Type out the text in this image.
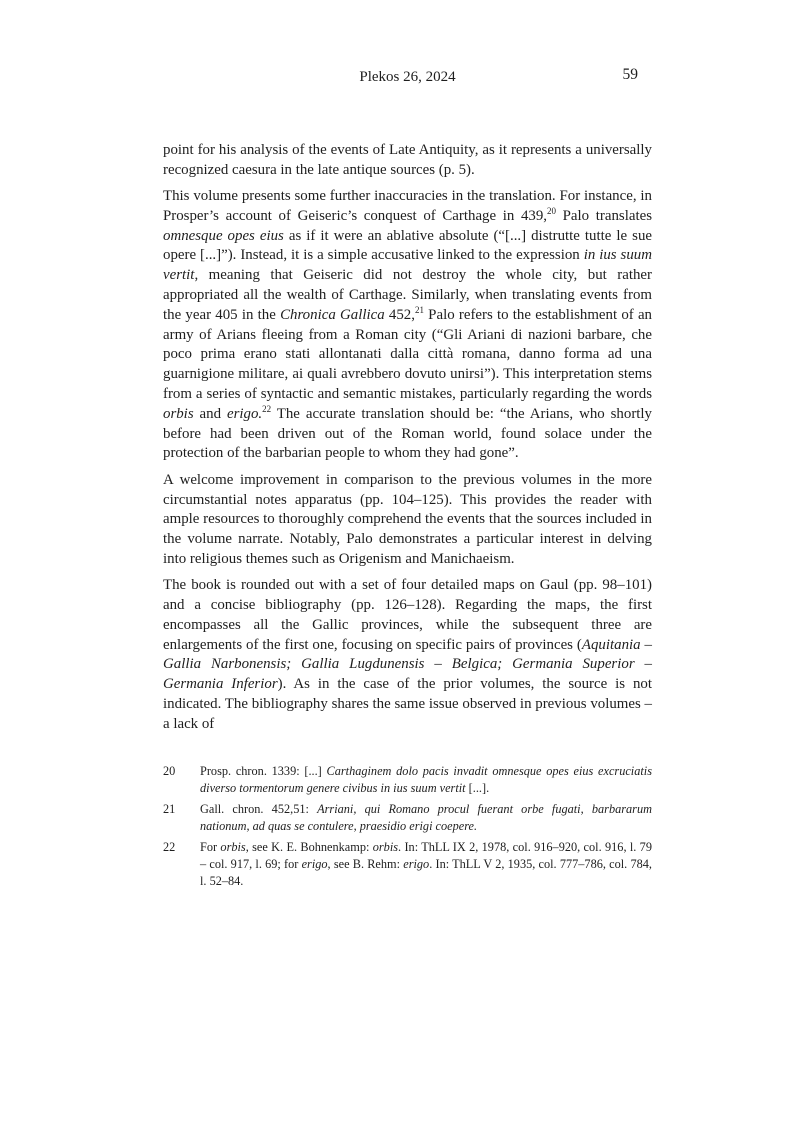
Plekos 26, 2024	59

point for his analysis of the events of Late Antiquity, as it represents a universally recognized caesura in the late antique sources (p. 5).

This volume presents some further inaccuracies in the translation. For instance, in Prosper’s account of Geiseric’s conquest of Carthage in 439,20 Palo translates omnesque opes eius as if it were an ablative absolute (“[...] distrutte tutte le sue opere [...]”). Instead, it is a simple accusative linked to the expression in ius suum vertit, meaning that Geiseric did not destroy the whole city, but rather appropriated all the wealth of Carthage. Similarly, when translating events from the year 405 in the Chronica Gallica 452,21 Palo refers to the establishment of an army of Arians fleeing from a Roman city (“Gli Ariani di nazioni barbare, che poco prima erano stati allontanati dalla città romana, danno forma ad una guarnigione militare, ai quali avrebbero dovuto unirsi”). This interpretation stems from a series of syntactic and semantic mistakes, particularly regarding the words orbis and erigo.$^{22}$ The accurate translation should be: “the Arians, who shortly before had been driven out of the Roman world, found solace under the protection of the barbarian people to whom they had gone”.

A welcome improvement in comparison to the previous volumes in the more circumstantial notes apparatus (pp. 104–125). This provides the reader with ample resources to thoroughly comprehend the events that the sources included in the volume narrate. Notably, Palo demonstrates a particular interest in delving into religious themes such as Origenism and Manichaeism.

The book is rounded out with a set of four detailed maps on Gaul (pp. 98–101) and a concise bibliography (pp. 126–128). Regarding the maps, the first encompasses all the Gallic provinces, while the subsequent three are enlargements of the first one, focusing on specific pairs of provinces (Aquitania – Gallia Narbonensis; Gallia Lugdunensis – Belgica; Germania Superior – Germania Inferior). As in the case of the prior volumes, the source is not indicated. The bibliography shares the same issue observed in previous volumes – a lack of

20	Prosp. chron. 1339: [...] Carthaginem dolo pacis invadit omnesque opes eius excruciatis diverso tormentorum genere civibus in ius suum vertit [...].
21	Gall. chron. 452,51: Arriani, qui Romano procul fuerant orbe fugati, barbararum nationum, ad quas se contulere, praesidio erigi coepere.
22	For orbis, see K. E. Bohnenkamp: orbis. In: ThLL IX 2, 1978, col. 916–920, col. 916, l. 79 – col. 917, l. 69; for erigo, see B. Rehm: erigo. In: ThLL V 2, 1935, col. 777–786, col. 784, l. 52–84.
